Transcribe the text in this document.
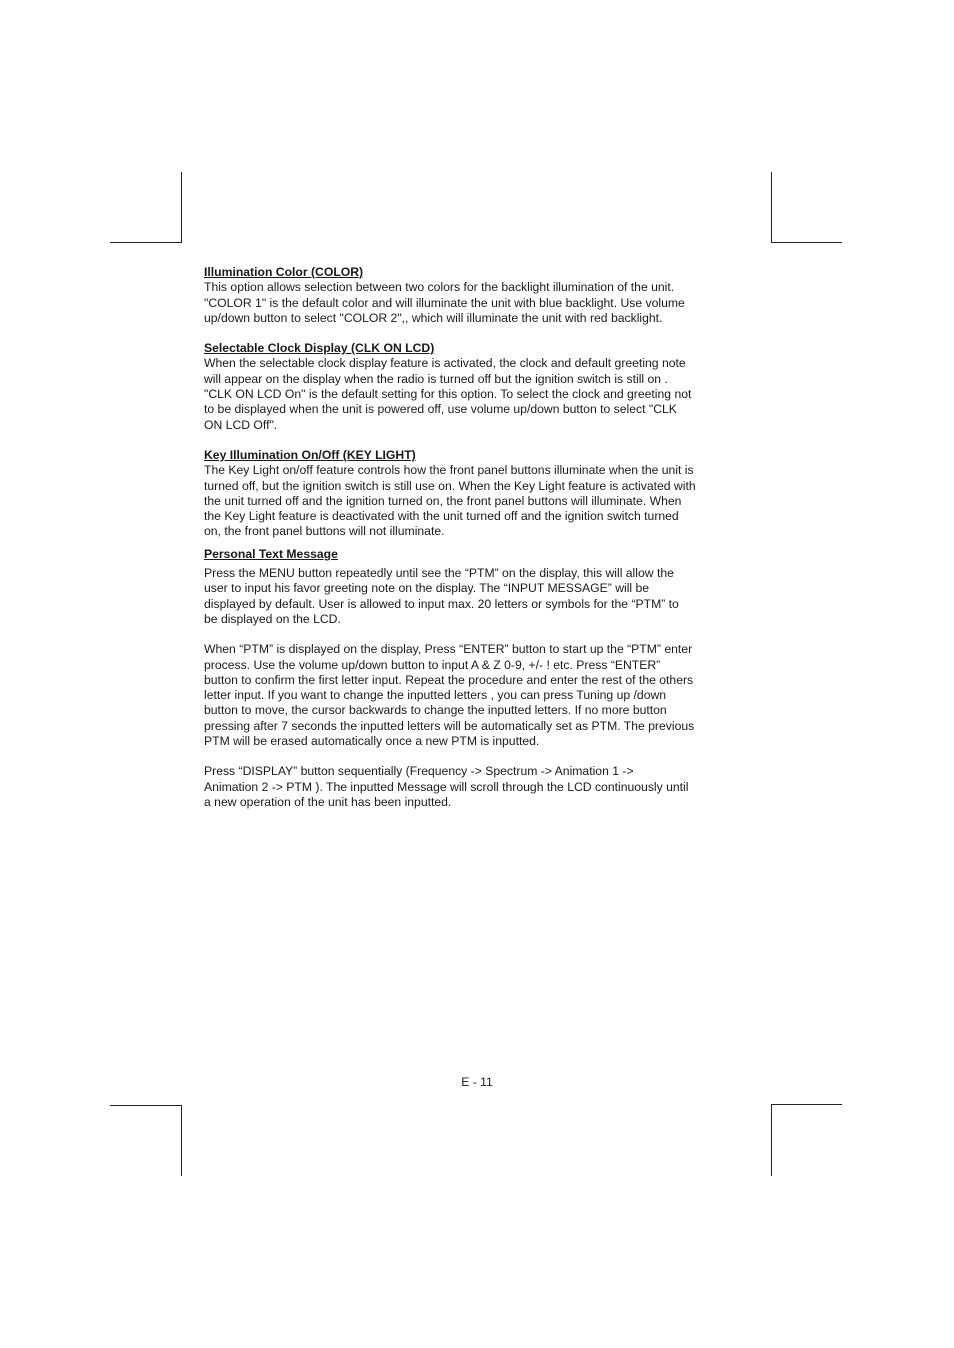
Illumination Color (COLOR)

This option allows selection between two colors for the backlight illumination of the unit.
"COLOR 1" is the default color and will illuminate the unit with blue backlight. Use volume
up/down button to select "COLOR 2",, which will illuminate the unit with red backlight.

Selectable Clock Display (CLK ON LCD)

When the selectable clock display feature is activated, the clock and default greeting note
will appear on the display when the radio is turned off but the ignition switch is still on .
"CLK ON LCD On" is the default setting for this option. To select the clock and greeting not
to be displayed when the unit is powered off, use volume up/down button to select "CLK
ON LCD Off".

Key Illumination On/Off (KEY LIGHT)

The Key Light on/off feature controls how the front panel buttons illuminate when the unit is
turned off, but the ignition switch is still use on. When the Key Light feature is activated with
the unit turned off and the ignition turned on, the front panel buttons will illuminate. When
the Key Light feature is deactivated with the unit turned off and the ignition switch turned
on, the front panel buttons will not illuminate.

Personal Text Message

Press the MENU button repeatedly until see the “PTM” on the display, this will allow the
user to input his favor greeting note on the display. The “INPUT MESSAGE” will be
displayed by default. User is allowed to input max. 20 letters or symbols for the “PTM” to
be displayed on the LCD.

When “PTM” is displayed on the display, Press “ENTER” button to start up the “PTM” enter
process. Use the volume up/down button to input A & Z 0-9, +/- ! etc. Press “ENTER”
button to confirm the first letter input. Repeat the procedure and enter the rest of the others
letter input. If you want to change the inputted letters , you can press Tuning up /down
button to move, the cursor backwards to change the inputted letters. If no more button
pressing after 7 seconds the inputted letters will be automatically set as PTM. The previous
PTM will be erased automatically once a new PTM is inputted.

Press “DISPLAY” button sequentially (Frequency -> Spectrum -> Animation 1 ->
Animation 2 -> PTM ). The inputted Message will scroll through the LCD continuously until
a new operation of the unit has been inputted.

E - 11
